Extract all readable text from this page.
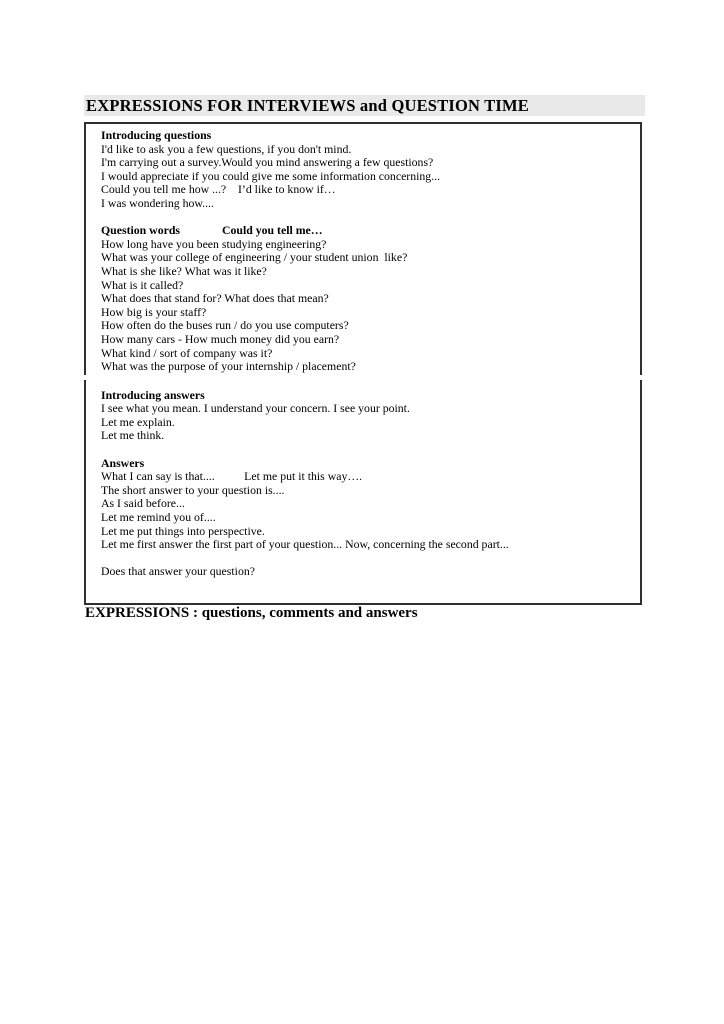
EXPRESSIONS FOR INTERVIEWS and QUESTION TIME
Introducing questions
I'd like to ask you a few questions, if you don't mind.
I'm carrying out a survey.Would you mind answering a few questions?
I would appreciate if you could give me some information concerning...
Could you tell me how ...?    I’d like to know if…
I was wondering how....
Question words	Could you tell me…
How long have you been studying engineering?
What was your college of engineering / your student union  like?
What is she like? What was it like?
What is it called?
What does that stand for? What does that mean?
How big is your staff?
How often do the buses run / do you use computers?
How many cars - How much money did you earn?
What kind / sort of company was it?
What was the purpose of your internship / placement?
Introducing answers
I see what you mean. I understand your concern. I see your point.
Let me explain.
Let me think.
Answers
What I can say is that....          Let me put it this way….
The short answer to your question is....
As I said before...
Let me remind you of....
Let me put things into perspective.
Let me first answer the first part of your question... Now, concerning the second part...
Does that answer your question?
EXPRESSIONS : questions, comments and answers
